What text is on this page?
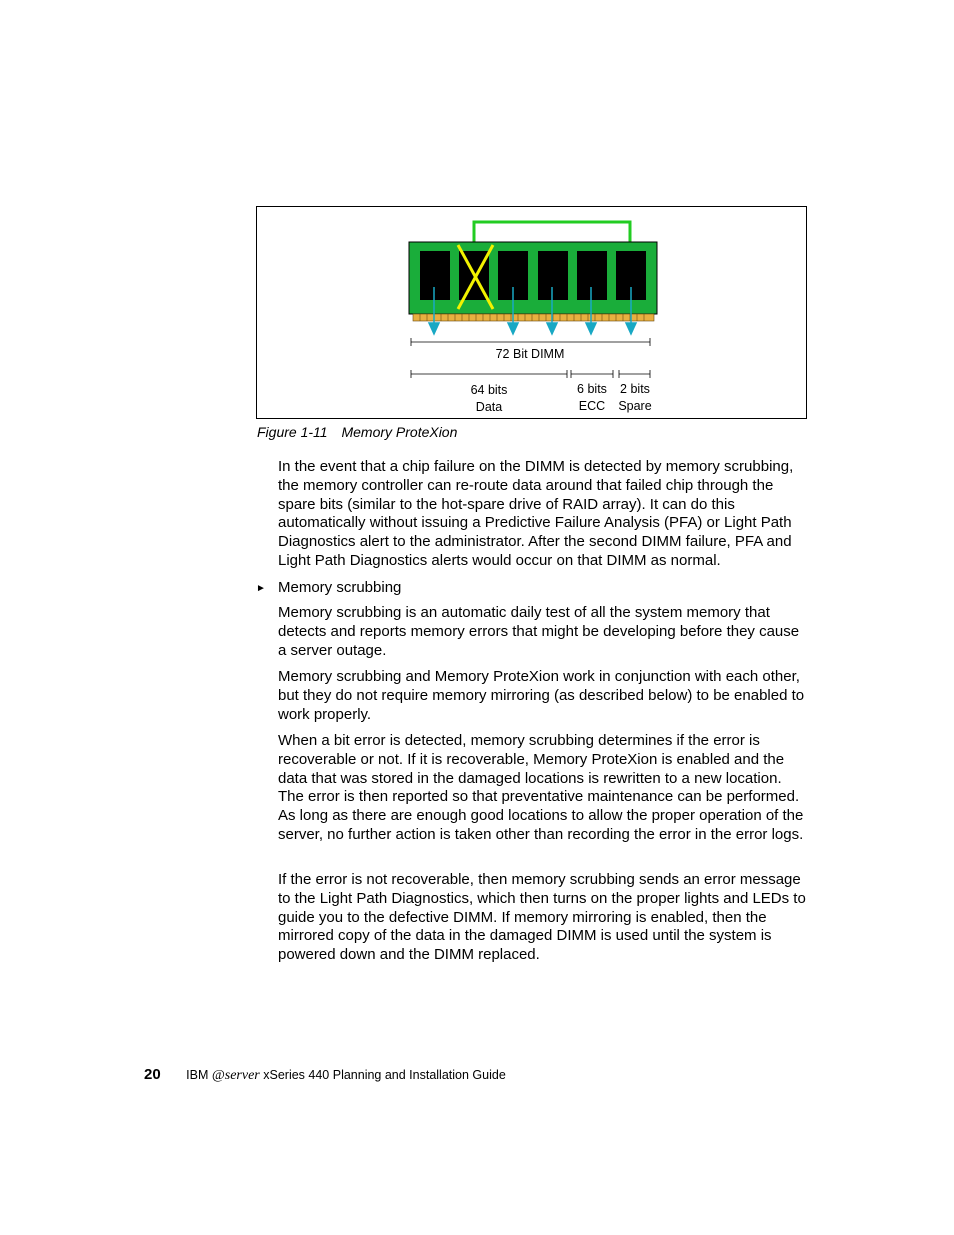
72 Bit DIMM
64 bits
Data
6 bits
ECC
2 bits
Spare
Figure 1-11 Memory ProteXion

In the event that a chip failure on the DIMM is detected by memory scrubbing, the memory controller can re-route data around that failed chip through the spare bits (similar to the hot-spare drive of RAID array). It can do this automatically without issuing a Predictive Failure Analysis (PFA) or Light Path Diagnostics alert to the administrator. After the second DIMM failure, PFA and Light Path Diagnostics alerts would occur on that DIMM as normal.

► Memory scrubbing

Memory scrubbing is an automatic daily test of all the system memory that detects and reports memory errors that might be developing before they cause a server outage.

Memory scrubbing and Memory ProteXion work in conjunction with each other, but they do not require memory mirroring (as described below) to be enabled to work properly.

When a bit error is detected, memory scrubbing determines if the error is recoverable or not. If it is recoverable, Memory ProteXion is enabled and the data that was stored in the damaged locations is rewritten to a new location. The error is then reported so that preventative maintenance can be performed. As long as there are enough good locations to allow the proper operation of the server, no further action is taken other than recording the error in the error logs.

If the error is not recoverable, then memory scrubbing sends an error message to the Light Path Diagnostics, which then turns on the proper lights and LEDs to guide you to the defective DIMM. If memory mirroring is enabled, then the mirrored copy of the data in the damaged DIMM is used until the system is powered down and the DIMM replaced.

20 IBM @server xSeries 440 Planning and Installation Guide
